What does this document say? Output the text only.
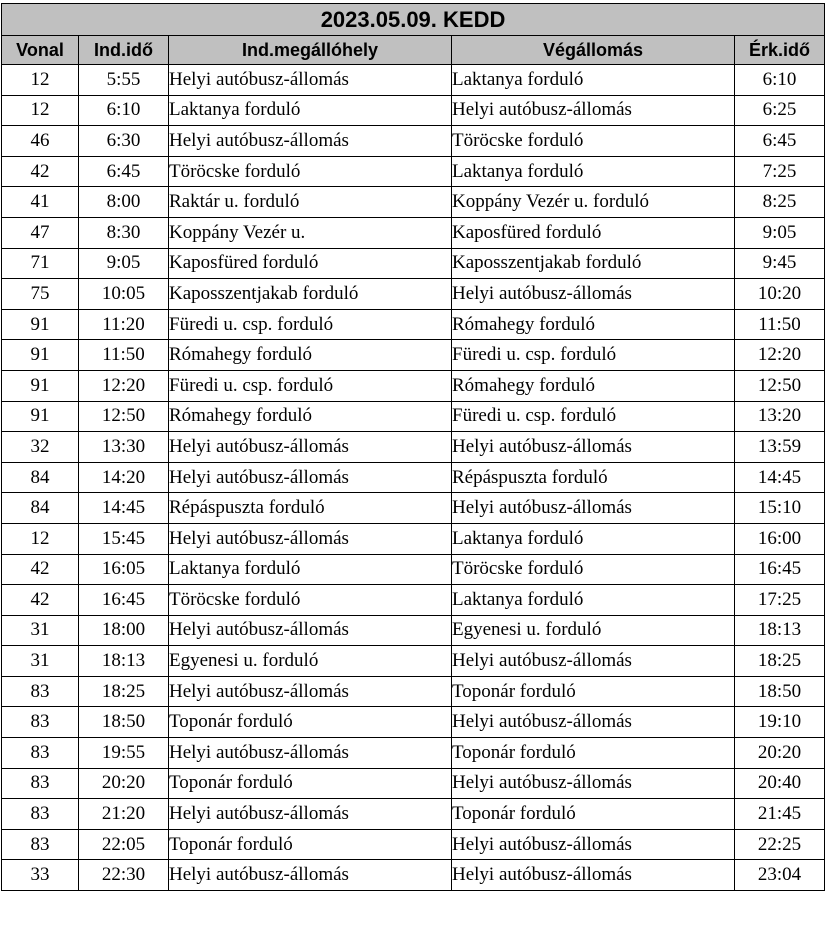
2023.05.09. KEDD				
Vonal	Ind.idő	Ind.megállóhely	Végállomás	Érk.idő
12	5:55	Helyi autóbusz-állomás	Laktanya forduló	6:10
12	6:10	Laktanya forduló	Helyi autóbusz-állomás	6:25
46	6:30	Helyi autóbusz-állomás	Töröcske forduló	6:45
42	6:45	Töröcske forduló	Laktanya forduló	7:25
41	8:00	Raktár u. forduló	Koppány Vezér u. forduló	8:25
47	8:30	Koppány Vezér u.	Kaposfüred forduló	9:05
71	9:05	Kaposfüred forduló	Kaposszentjakab forduló	9:45
75	10:05	Kaposszentjakab forduló	Helyi autóbusz-állomás	10:20
91	11:20	Füredi u. csp. forduló	Rómahegy forduló	11:50
91	11:50	Rómahegy forduló	Füredi u. csp. forduló	12:20
91	12:20	Füredi u. csp. forduló	Rómahegy forduló	12:50
91	12:50	Rómahegy forduló	Füredi u. csp. forduló	13:20
32	13:30	Helyi autóbusz-állomás	Helyi autóbusz-állomás	13:59
84	14:20	Helyi autóbusz-állomás	Répáspuszta forduló	14:45
84	14:45	Répáspuszta forduló	Helyi autóbusz-állomás	15:10
12	15:45	Helyi autóbusz-állomás	Laktanya forduló	16:00
42	16:05	Laktanya forduló	Töröcske forduló	16:45
42	16:45	Töröcske forduló	Laktanya forduló	17:25
31	18:00	Helyi autóbusz-állomás	Egyenesi u. forduló	18:13
31	18:13	Egyenesi u. forduló	Helyi autóbusz-állomás	18:25
83	18:25	Helyi autóbusz-állomás	Toponár forduló	18:50
83	18:50	Toponár forduló	Helyi autóbusz-állomás	19:10
83	19:55	Helyi autóbusz-állomás	Toponár forduló	20:20
83	20:20	Toponár forduló	Helyi autóbusz-állomás	20:40
83	21:20	Helyi autóbusz-állomás	Toponár forduló	21:45
83	22:05	Toponár forduló	Helyi autóbusz-állomás	22:25
33	22:30	Helyi autóbusz-állomás	Helyi autóbusz-állomás	23:04
